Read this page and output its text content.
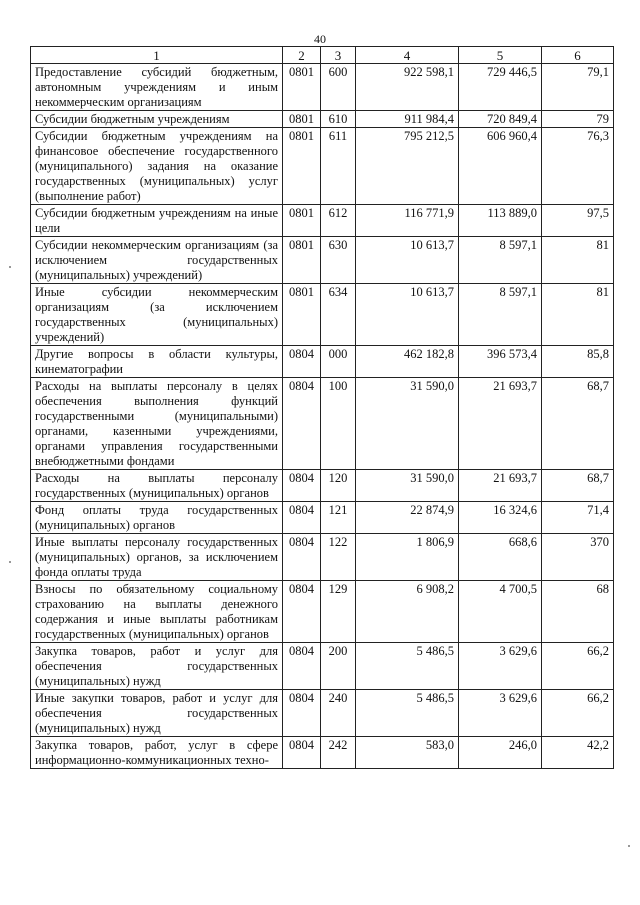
40
1	2	3	4	5	6
Предоставление субсидий бюджетным, автономным учреждениям и иным некоммерческим организациям	0801	600	922 598,1	729 446,5	79,1
Субсидии бюджетным учреждениям	0801	610	911 984,4	720 849,4	79
Субсидии бюджетным учреждениям на финансовое обеспечение государственного (муниципального) задания на оказание государственных (муниципальных) услуг (выполнение работ)	0801	611	795 212,5	606 960,4	76,3
Субсидии бюджетным учреждениям на иные цели	0801	612	116 771,9	113 889,0	97,5
Субсидии некоммерческим организациям (за исключением государственных (муниципальных) учреждений)	0801	630	10 613,7	8 597,1	81
Иные субсидии некоммерческим организациям (за исключением государственных (муниципальных) учреждений)	0801	634	10 613,7	8 597,1	81
Другие вопросы в области культуры, кинематографии	0804	000	462 182,8	396 573,4	85,8
Расходы на выплаты персоналу в целях обеспечения выполнения функций государственными (муниципальными) органами, казенными учреждениями, органами управления государственными внебюджетными фондами	0804	100	31 590,0	21 693,7	68,7
Расходы на выплаты персоналу государственных (муниципальных) органов	0804	120	31 590,0	21 693,7	68,7
Фонд оплаты труда государственных (муниципальных) органов	0804	121	22 874,9	16 324,6	71,4
Иные выплаты персоналу государственных (муниципальных) органов, за исключением фонда оплаты труда	0804	122	1 806,9	668,6	370
Взносы по обязательному социальному страхованию на выплаты денежного содержания и иные выплаты работникам государственных (муниципальных) органов	0804	129	6 908,2	4 700,5	68
Закупка товаров, работ и услуг для обеспечения государственных (муниципальных) нужд	0804	200	5 486,5	3 629,6	66,2
Иные закупки товаров, работ и услуг для обеспечения государственных (муниципальных) нужд	0804	240	5 486,5	3 629,6	66,2
Закупка товаров, работ, услуг в сфере информационно-коммуникационных техно-	0804	242	583,0	246,0	42,2
